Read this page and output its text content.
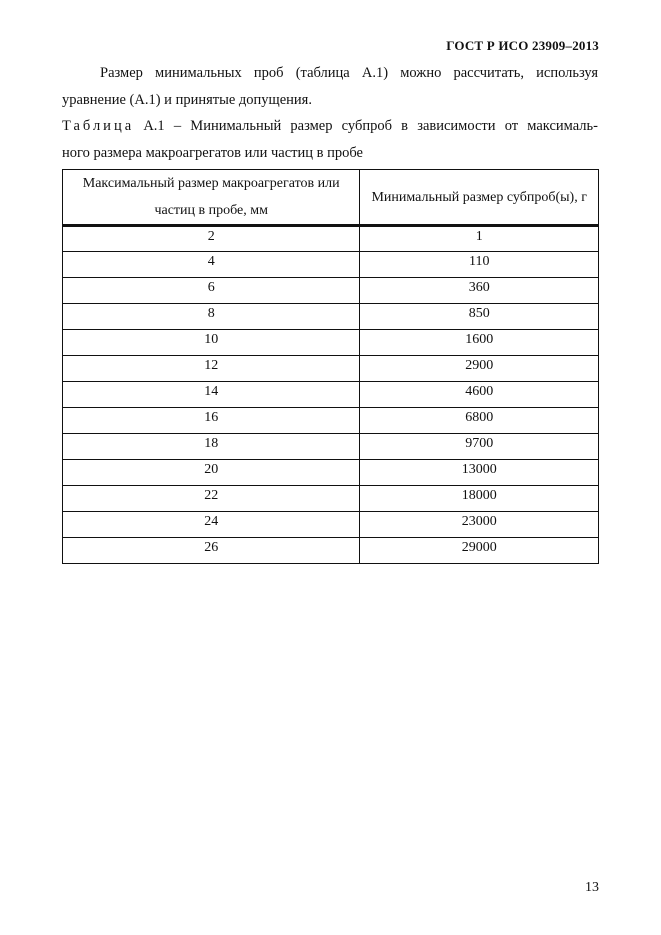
ГОСТ Р ИСО 23909–2013
Размер минимальных проб (таблица А.1) можно рассчитать, используя
уравнение (А.1) и принятые допущения.
Таблица А.1 – Минимальный размер субпроб в зависимости от максималь-
ного размера макроагрегатов или частиц в пробе
Максимальный размер макроагрегатов или частиц в пробе, мм	Минимальный размер субпроб(ы), г
2	1
4	110
6	360
8	850
10	1600
12	2900
14	4600
16	6800
18	9700
20	13000
22	18000
24	23000
26	29000
13
